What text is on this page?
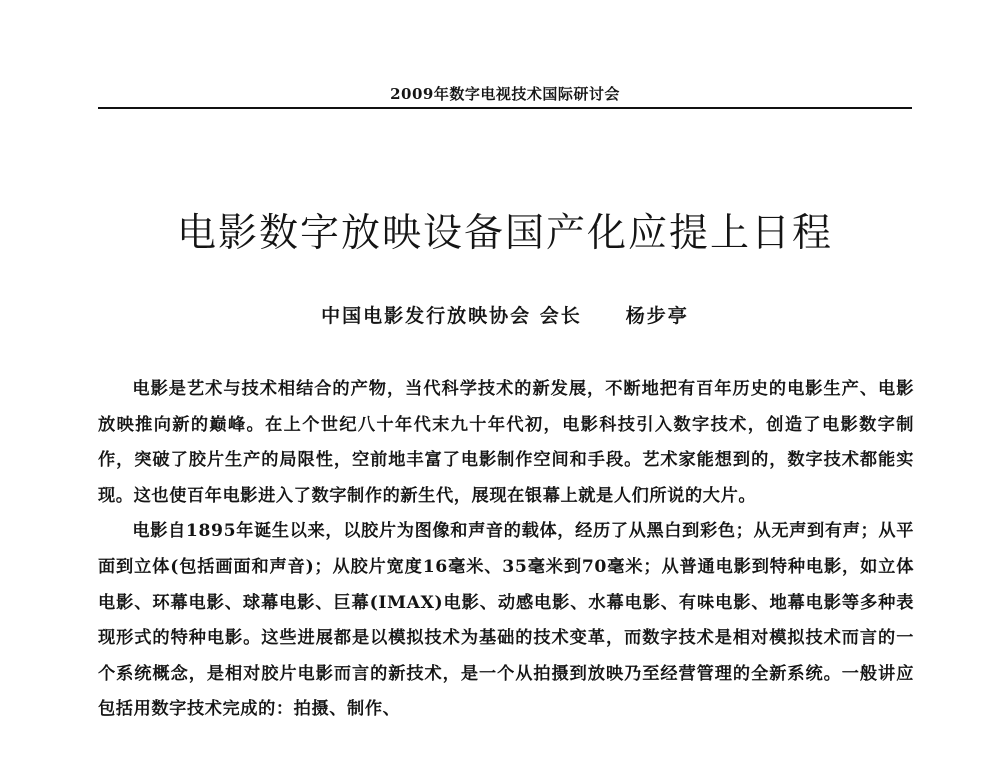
2009年数字电视技术国际研讨会
电影数字放映设备国产化应提上日程
中国电影发行放映协会 会长 杨步亭

电影是艺术与技术相结合的产物，当代科学技术的新发展，不断地把有百年历史的电影生产、电影放映推向新的巅峰。在上个世纪八十年代末九十年代初，电影科技引入数字技术，创造了电影数字制作，突破了胶片生产的局限性，空前地丰富了电影制作空间和手段。艺术家能想到的，数字技术都能实现。这也使百年电影进入了数字制作的新生代，展现在银幕上就是人们所说的大片。

电影自1895年诞生以来，以胶片为图像和声音的载体，经历了从黑白到彩色；从无声到有声；从平面到立体(包括画面和声音)；从胶片宽度16毫米、35毫米到70毫米；从普通电影到特种电影，如立体电影、环幕电影、球幕电影、巨幕(IMAX)电影、动感电影、水幕电影、有味电影、地幕电影等多种表现形式的特种电影。这些进展都是以模拟技术为基础的技术变革，而数字技术是相对模拟技术而言的一个系统概念，是相对胶片电影而言的新技术，是一个从拍摄到放映乃至经营管理的全新系统。一般讲应包括用数字技术完成的：拍摄、制作、
